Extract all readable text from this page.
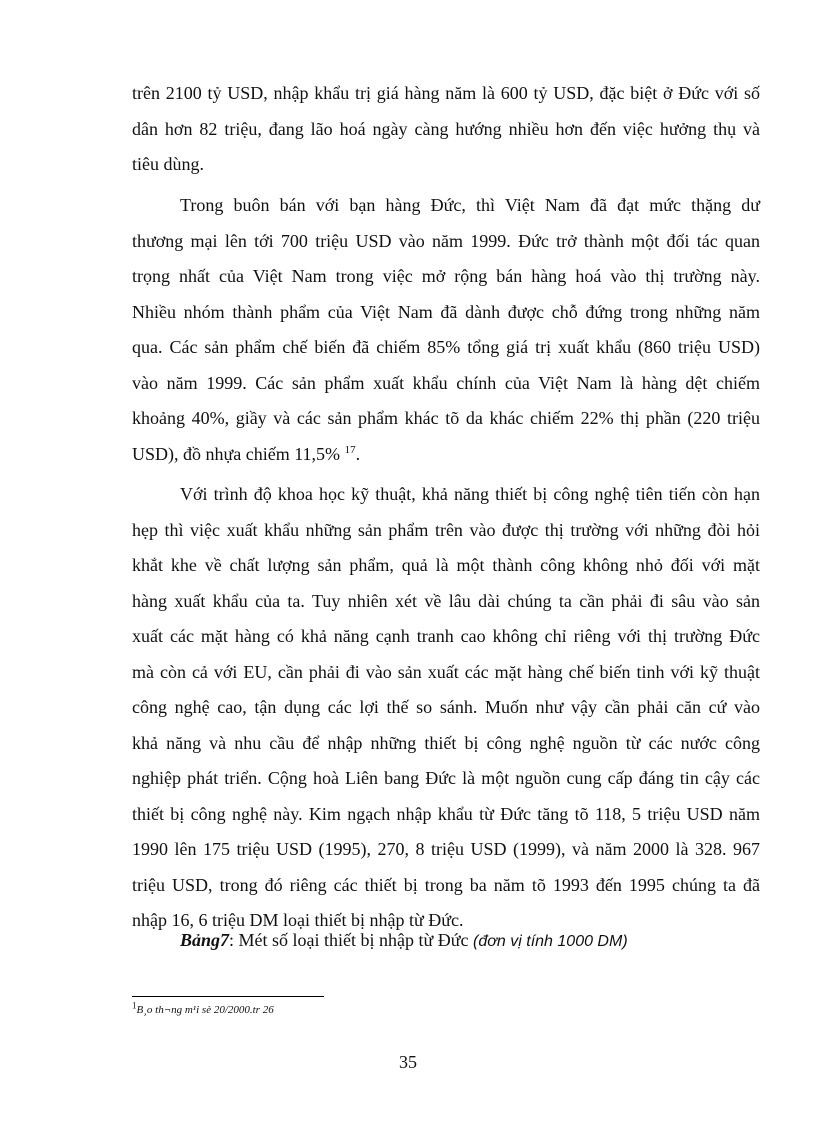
trên 2100 tỷ USD, nhập khẩu trị giá hàng năm là 600 tỷ USD, đặc biệt ở Đức với số
dân hơn 82 triệu, đang lão hoá ngày càng hướng nhiều hơn đến việc hưởng thụ và
tiêu dùng.
Trong buôn bán với bạn hàng Đức, thì Việt Nam đã đạt mức thặng dư
thương mại lên tới 700 triệu USD vào năm 1999. Đức trở thành một đối tác quan
trọng nhất của Việt Nam trong việc mở rộng bán hàng hoá vào thị trường này.
Nhiều nhóm thành phẩm của Việt Nam đã dành được chỗ đứng trong những năm
qua. Các sản phẩm chế biến đã chiếm 85% tổng giá trị xuất khẩu (860 triệu USD)
vào năm 1999. Các sản phẩm xuất khẩu chính của Việt Nam là hàng dệt chiếm
khoảng 40%, giầy và các sản phẩm khác tõ da khác chiếm 22% thị phần (220 triệu
USD), đồ nhựa chiếm 11,5% $^{17}$.
Với trình độ khoa học kỹ thuật, khả năng thiết bị công nghệ tiên tiến còn hạn
hẹp thì việc xuất khẩu những sản phẩm trên vào được thị trường với những đòi hỏi
khắt khe về chất lượng sản phẩm, quả là một thành công không nhỏ đối với mặt
hàng xuất khẩu của ta. Tuy nhiên xét về lâu dài chúng ta cần phải đi sâu vào sản
xuất các mặt hàng có khả năng cạnh tranh cao không chỉ riêng với thị trường Đức
mà còn cả với EU, cần phải đi vào sản xuất các mặt hàng chế biến tinh với kỹ thuật
công nghệ cao, tận dụng các lợi thế so sánh. Muốn như vậy cần phải căn cứ vào
khả năng và nhu cầu để nhập những thiết bị công nghệ nguồn từ các nước công
nghiệp phát triển. Cộng hoà Liên bang Đức là một nguồn cung cấp đáng tin cậy các
thiết bị công nghệ này. Kim ngạch nhập khẩu từ Đức tăng tõ 118, 5 triệu USD năm
1990 lên 175 triệu USD (1995), 270, 8 triệu USD (1999), và năm 2000 là 328. 967
triệu USD, trong đó riêng các thiết bị trong ba năm tõ 1993 đến 1995 chúng ta đã
nhập 16, 6 triệu DM loại thiết bị nhập từ Đức.
Bảng7: Mét số loại thiết bị nhập từ Đức (đơn vị tính 1000 DM)
$^1$B¸o th¬ng m¹i sè 20/2000.tr 26
35
